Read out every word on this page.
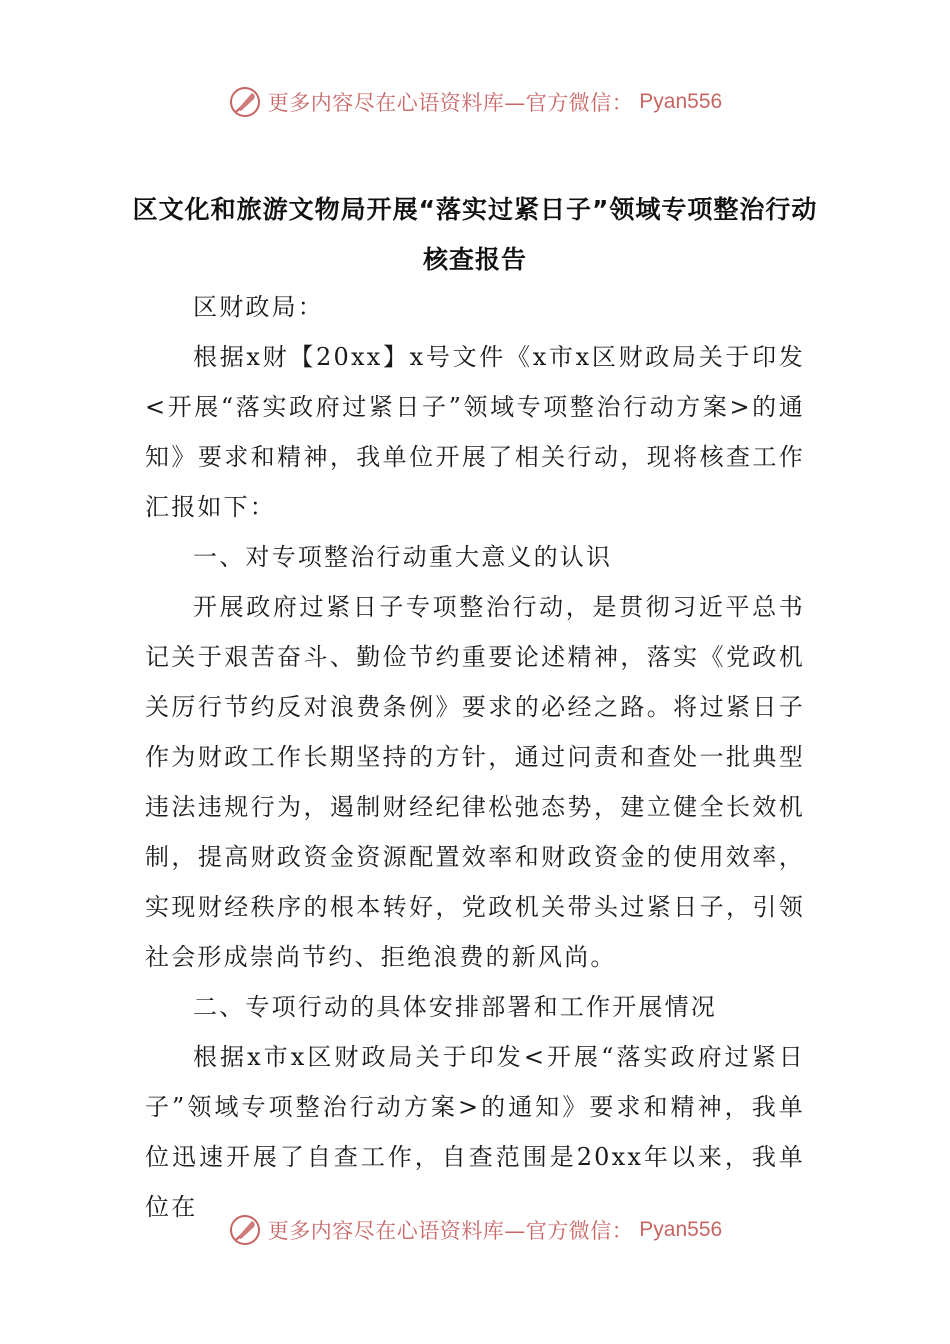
更多内容尽在心语资料库—官方微信： Pyan556
区文化和旅游文物局开展“落实过紧日子”领域专项整治行动核查报告

区财政局：

根据x财【20xx】x号文件《x市x区财政局关于印发<开展“落实政府过紧日子”领域专项整治行动方案>的通知》要求和精神，我单位开展了相关行动，现将核查工作汇报如下：

一、对专项整治行动重大意义的认识

开展政府过紧日子专项整治行动，是贯彻习近平总书记关于艰苦奋斗、勤俭节约重要论述精神，落实《党政机关厉行节约反对浪费条例》要求的必经之路。将过紧日子作为财政工作长期坚持的方针，通过问责和查处一批典型违法违规行为，遏制财经纪律松弛态势，建立健全长效机制，提高财政资金资源配置效率和财政资金的使用效率，实现财经秩序的根本转好，党政机关带头过紧日子，引领社会形成崇尚节约、拒绝浪费的新风尚。

二、专项行动的具体安排部署和工作开展情况

根据x市x区财政局关于印发<开展“落实政府过紧日子”领域专项整治行动方案>的通知》要求和精神，我单位迅速开展了自查工作，自查范围是20xx年以来，我单位在

更多内容尽在心语资料库—官方微信： Pyan556
